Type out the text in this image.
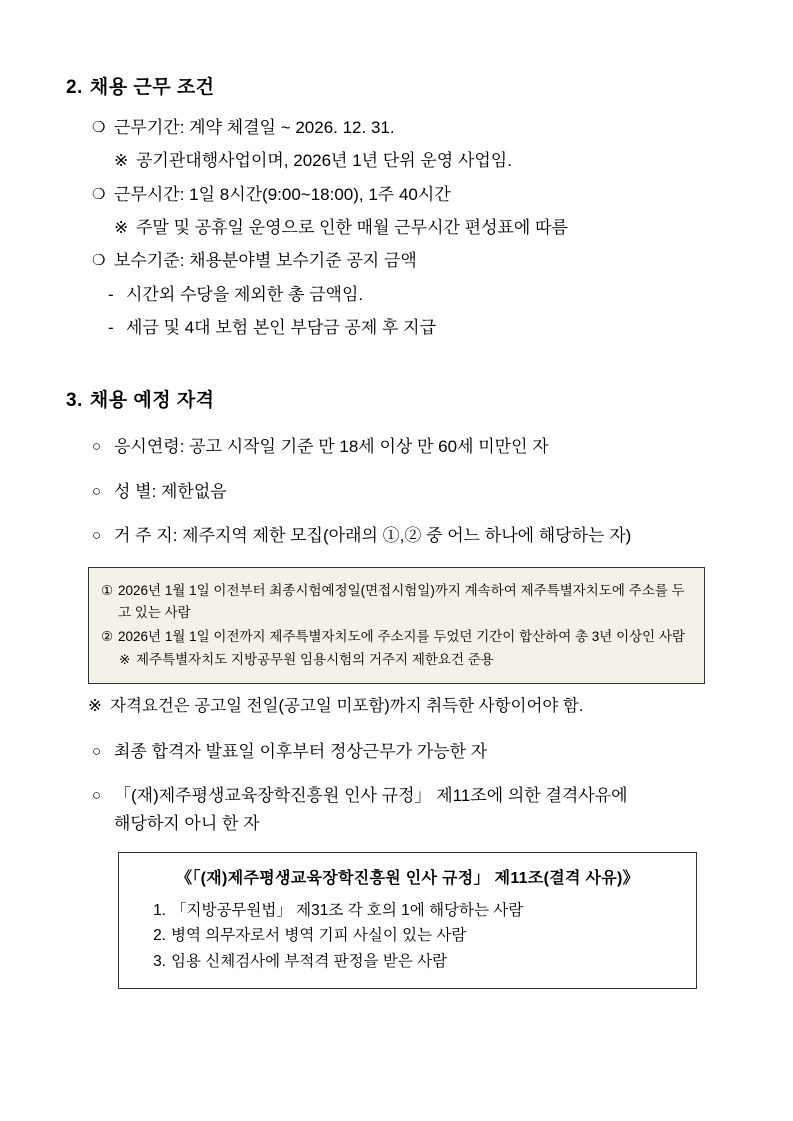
2. 채용 근무 조건
❍ 근무기간: 계약 체결일 ~ 2026. 12. 31.
※ 공기관대행사업이며, 2026년 1년 단위 운영 사업임.
❍ 근무시간: 1일 8시간(9:00~18:00), 1주 40시간
※ 주말 및 공휴일 운영으로 인한 매월 근무시간 편성표에 따름
❍ 보수기준: 채용분야별 보수기준 공지 금액
- 시간외 수당을 제외한 총 금액임.
- 세금 및 4대 보험 본인 부담금 공제 후 지급
3. 채용 예정 자격
○ 응시연령: 공고 시작일 기준 만 18세 이상 만 60세 미만인 자
○ 성 별: 제한없음
○ 거 주 지: 제주지역 제한 모집(아래의 ①,② 중 어느 하나에 해당하는 자)
① 2026년 1월 1일 이전부터 최종시험예정일(면접시험일)까지 계속하여 제주특별자치도에 주소를 두고 있는 사람
② 2026년 1월 1일 이전까지 제주특별자치도에 주소지를 두었던 기간이 합산하여 총 3년 이상인 사람
※ 제주특별자치도 지방공무원 임용시험의 거주지 제한요건 준용
※ 자격요건은 공고일 전일(공고일 미포함)까지 취득한 사항이어야 함.
○ 최종 합격자 발표일 이후부터 정상근무가 가능한 자
○ 「(재)제주평생교육장학진흥원 인사 규정」 제11조에 의한 결격사유에
해당하지 아니 한 자
《「(재)제주평생교육장학진흥원 인사 규정」 제11조(결격 사유)》
1. 「지방공무원법」 제31조 각 호의 1에 해당하는 사람
2. 병역 의무자로서 병역 기피 사실이 있는 사람
3. 임용 신체검사에 부적격 판정을 받은 사람
